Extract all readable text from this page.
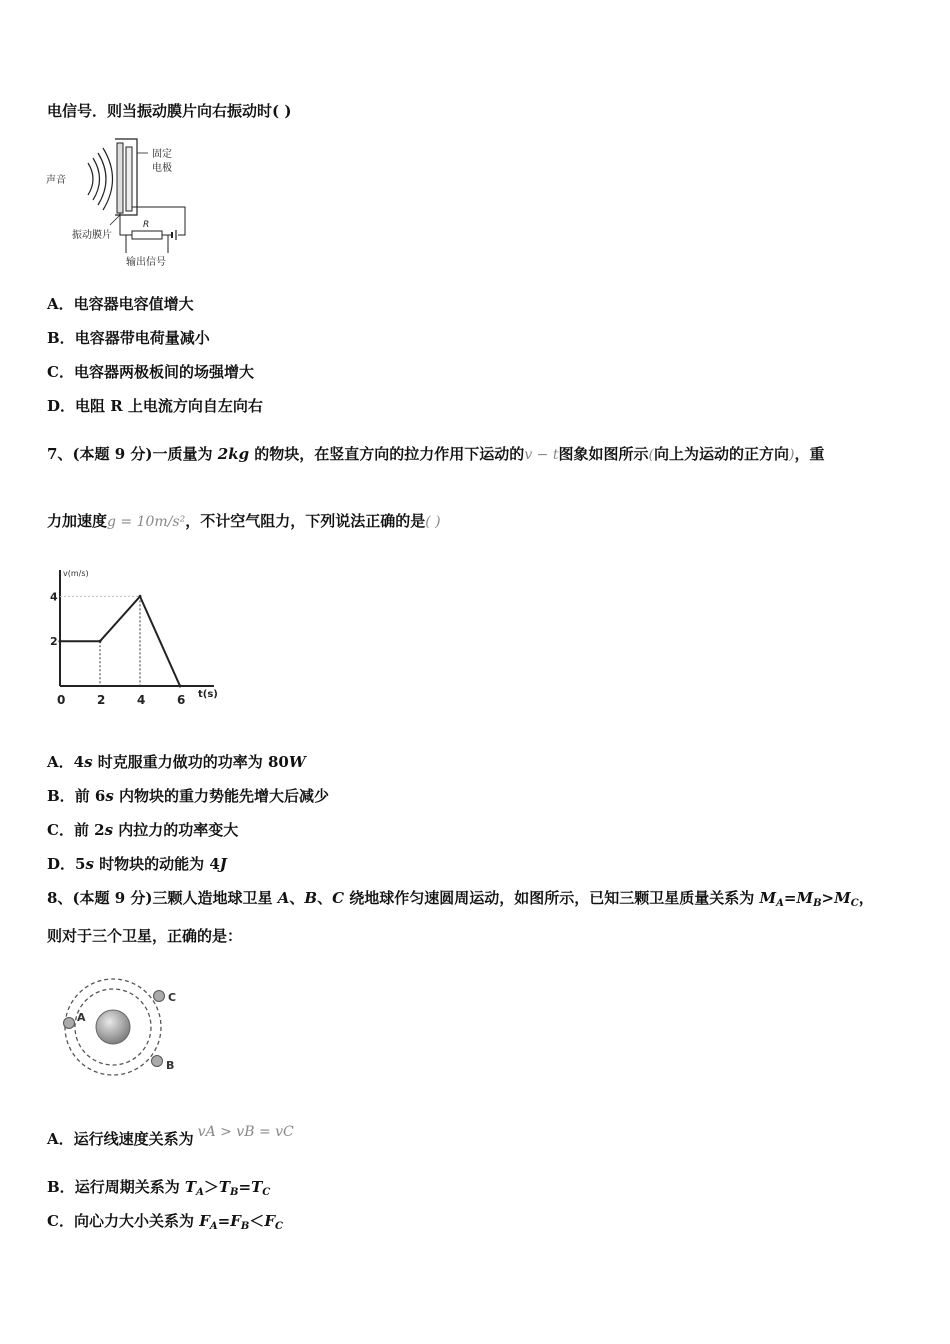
电信号．则当振动膜片向右振动时( )
声音
固定
电极
R
振动膜片
输出信号
A．电容器电容值增大
B．电容器带电荷量减小
C．电容器两极板间的场强增大
D．电阻 R 上电流方向自左向右
7、(本题 9 分)一质量为 2kg 的物块，在竖直方向的拉力作用下运动的v − t图象如图所示(向上为运动的正方向)，重
力加速度g = 10m/s²，不计空气阻力，下列说法正确的是( )
v(m/s)
t(s)
2
4
0	2	4	6
A．4s 时克服重力做功的功率为 80W
B．前 6s 内物块的重力势能先增大后减少
C．前 2s 内拉力的功率变大
D．5s 时物块的动能为 4J
8、(本题 9 分)三颗人造地球卫星 A、B、C 绕地球作匀速圆周运动，如图所示，已知三颗卫星质量关系为 $M_A=M_B>M_C$，
则对于三个卫星，正确的是：
A
B
C
A．运行线速度关系为 vA > vB = vC
B．运行周期关系为 $T_A>T_B=T_C$
C．向心力大小关系为 $F_A=F_B<F_C$
